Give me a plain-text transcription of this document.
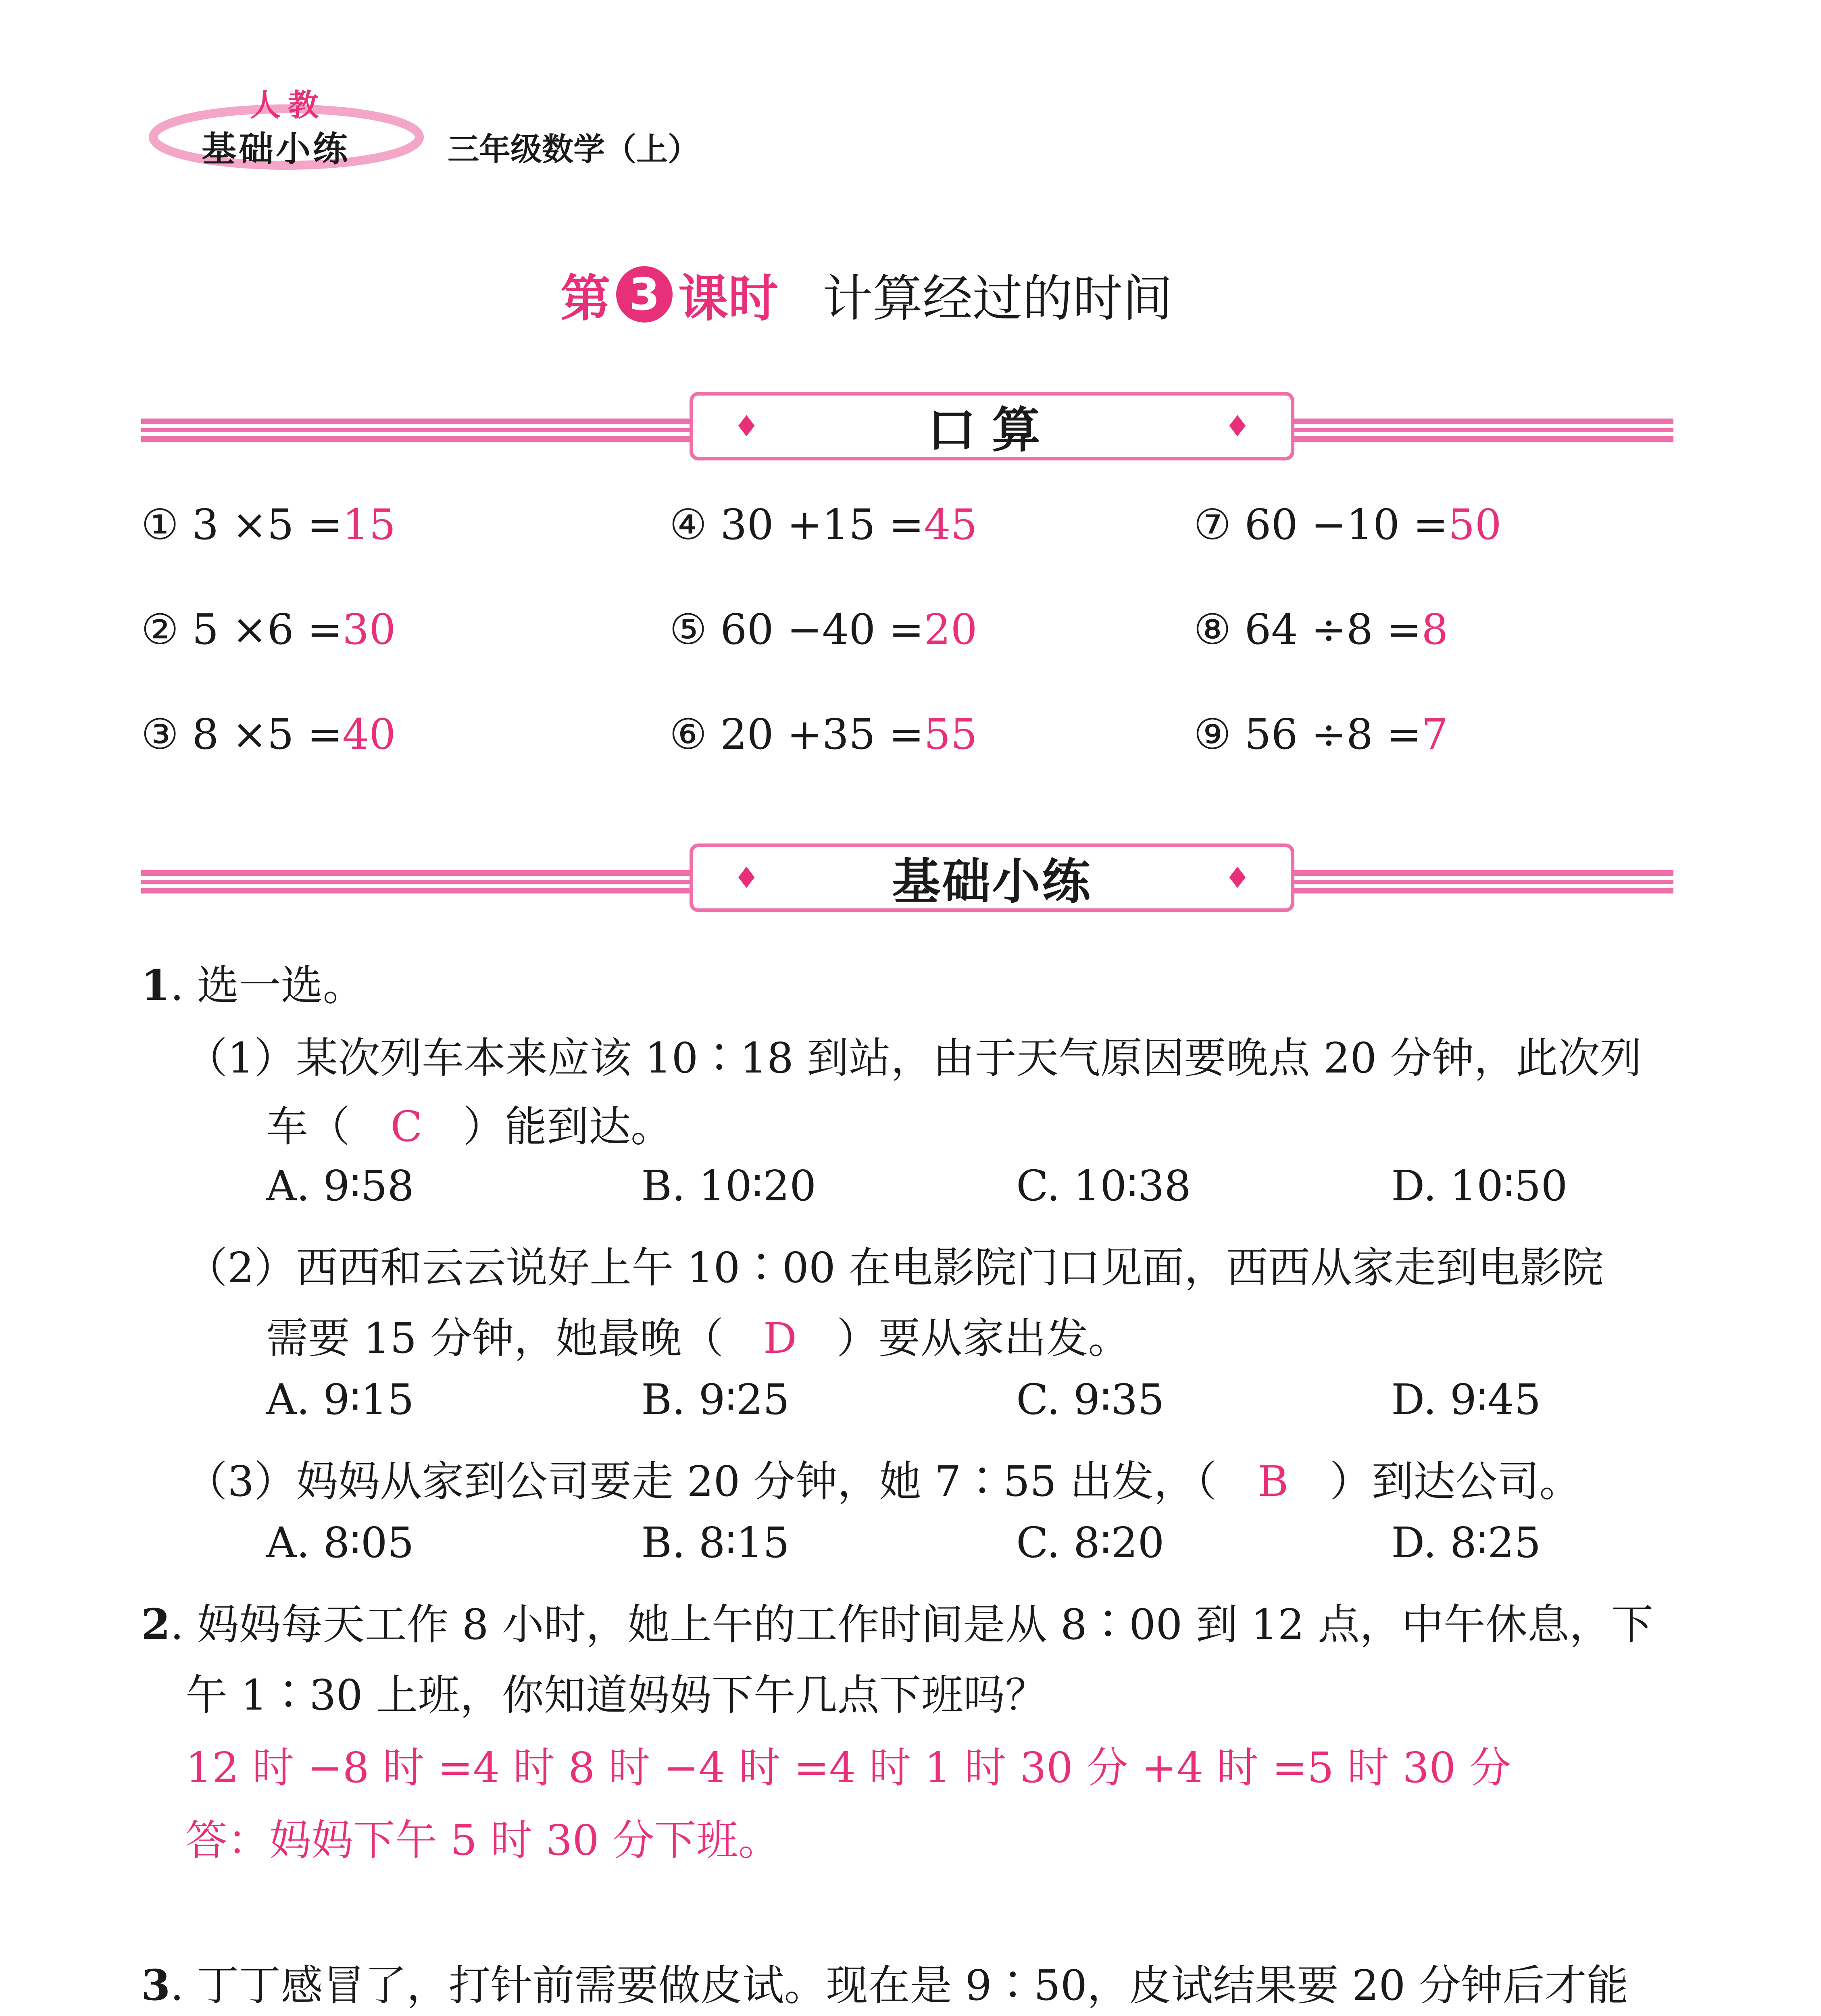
人教
基础小练	三年级数学（上）
第 3 课时 计算经过的时间
♦	口算	♦
① 3 ×5 =15
② 5 ×6 =30
③ 8 ×5 =40
④ 30 +15 =45
⑤ 60 −40 =20
⑥ 20 +35 =55
⑦ 60 −10 =50
⑧ 64 ÷8 =8
⑨ 56 ÷8 =7
♦	基础小练	♦
1. 选一选。
（1）某次列车本来应该 10∶18 到站，由于天气原因要晚点 20 分钟，此次列
车（ C ）能到达。
A. 9∶58	B. 10∶20	C. 10∶38	D. 10∶50
（2）西西和云云说好上午 10∶00 在电影院门口见面，西西从家走到电影院
需要 15 分钟，她最晚（ D ）要从家出发。
A. 9∶15	B. 9∶25	C. 9∶35	D. 9∶45
（3）妈妈从家到公司要走 20 分钟，她 7∶55 出发，（ B ）到达公司。
A. 8∶05	B. 8∶15	C. 8∶20	D. 8∶25
2. 妈妈每天工作 8 小时，她上午的工作时间是从 8∶00 到 12 点，中午休息，下
午 1∶30 上班，你知道妈妈下午几点下班吗？
12 时 −8 时 =4 时 8 时 −4 时 =4 时 1 时 30 分 +4 时 =5 时 30 分
答：妈妈下午 5 时 30 分下班。
3. 丁丁感冒了，打针前需要做皮试。现在是 9∶50，皮试结果要 20 分钟后才能
